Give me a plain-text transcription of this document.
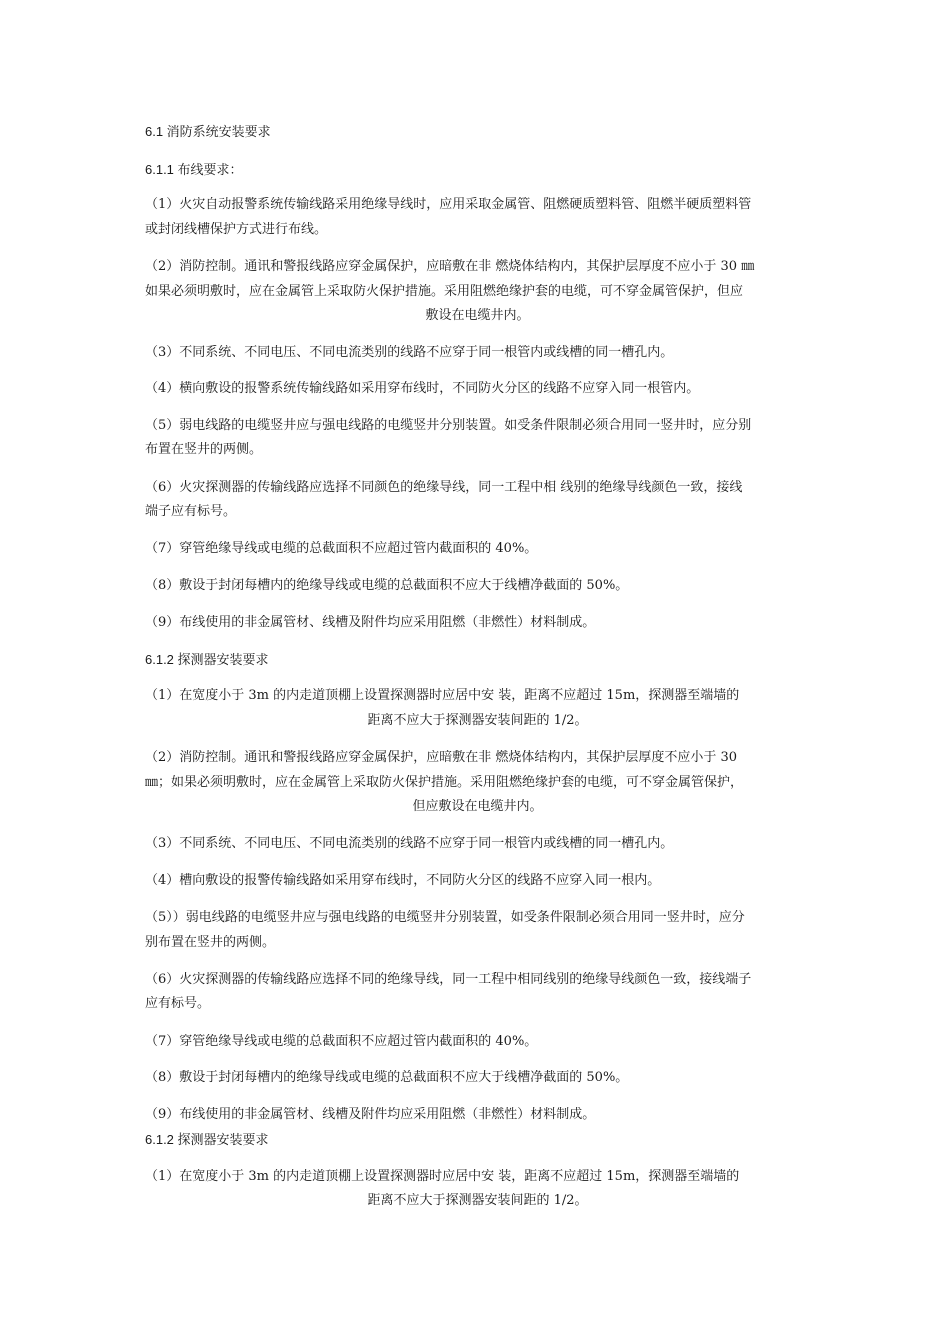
6.1 消防系统安装要求
6.1.1 布线要求：
（1）火灾自动报警系统传输线路采用绝缘导线时，应用采取金属管、阻燃硬质塑料管、阻燃半硬质塑料管
或封闭线槽保护方式进行布线。
（2）消防控制。通讯和警报线路应穿金属保护，应暗敷在非 燃烧体结构内，其保护层厚度不应小于 30 ㎜
如果必须明敷时，应在金属管上采取防火保护措施。采用阻燃绝缘护套的电缆，可不穿金属管保护，但应
敷设在电缆井内。
（3）不同系统、不同电压、不同电流类别的线路不应穿于同一根管内或线槽的同一槽孔内。
（4）横向敷设的报警系统传输线路如采用穿布线时，不同防火分区的线路不应穿入同一根管内。
（5）弱电线路的电缆竖井应与强电线路的电缆竖井分别装置。如受条件限制必须合用同一竖井时，应分别
布置在竖井的两侧。
（6）火灾探测器的传输线路应选择不同颜色的绝缘导线，同一工程中相 线别的绝缘导线颜色一致，接线
端子应有标号。
（7）穿管绝缘导线或电缆的总截面积不应超过管内截面积的 40%。
（8）敷设于封闭每槽内的绝缘导线或电缆的总截面积不应大于线槽净截面的 50%。
（9）布线使用的非金属管材、线槽及附件均应采用阻燃（非燃性）材料制成。
6.1.2 探测器安装要求
（1）在宽度小于 3m 的内走道顶棚上设置探测器时应居中安 装，距离不应超过 15m，探测器至端墙的
距离不应大于探测器安装间距的 1/2。
（2）消防控制。通讯和警报线路应穿金属保护，应暗敷在非 燃烧体结构内，其保护层厚度不应小于 30
㎜；如果必须明敷时，应在金属管上采取防火保护措施。采用阻燃绝缘护套的电缆，可不穿金属管保护，
但应敷设在电缆井内。
（3）不同系统、不同电压、不同电流类别的线路不应穿于同一根管内或线槽的同一槽孔内。
（4）槽向敷设的报警传输线路如采用穿布线时，不同防火分区的线路不应穿入同一根内。
（5））弱电线路的电缆竖井应与强电线路的电缆竖井分别装置，如受条件限制必须合用同一竖井时，应分
别布置在竖井的两侧。
（6）火灾探测器的传输线路应选择不同的绝缘导线，同一工程中相同线别的绝缘导线颜色一致，接线端子
应有标号。
（7）穿管绝缘导线或电缆的总截面积不应超过管内截面积的 40%。
（8）敷设于封闭每槽内的绝缘导线或电缆的总截面积不应大于线槽净截面的 50%。
（9）布线使用的非金属管材、线槽及附件均应采用阻燃（非燃性）材料制成。
6.1.2 探测器安装要求
（1）在宽度小于 3m 的内走道顶棚上设置探测器时应居中安 装，距离不应超过 15m，探测器至端墙的
距离不应大于探测器安装间距的 1/2。
